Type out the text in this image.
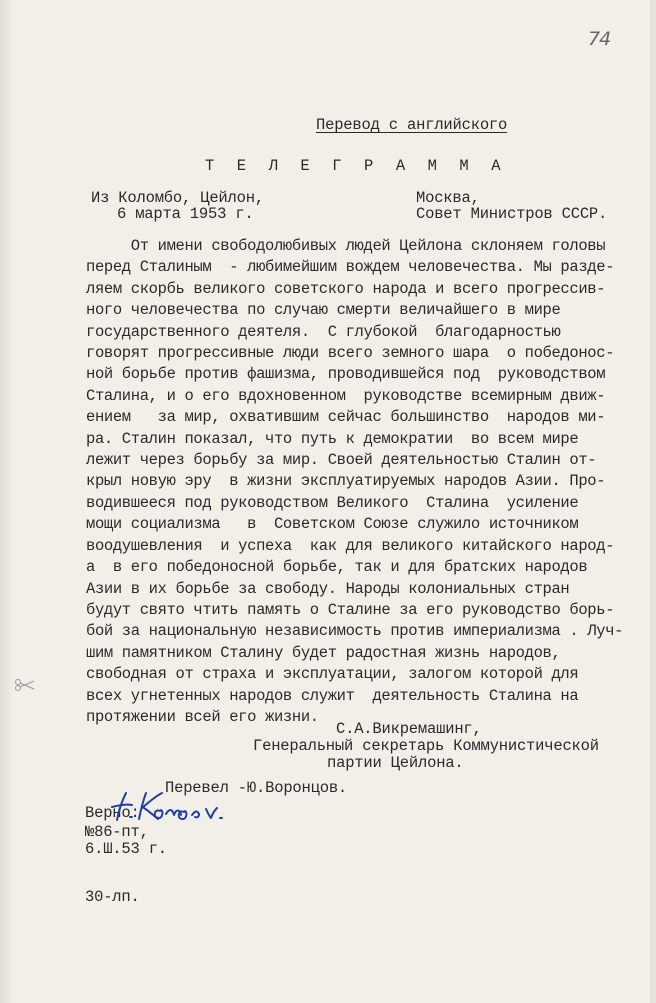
74
Перевод с английского
Т Е Л Е Г Р А М М А
Из Коломбо, Цейлон,
6 марта 1953 г.
Москва,
Совет Министров СССР.
От имени свободолюбивых людей Цейлона склоняем головы
перед Сталиным  - любимейшим вождем человечества. Мы разде-
ляем скорбь великого советского народа и всего прогрессив-
ного человечества по случаю смерти величайшего в мире
государственного деятеля.  С глубокой  благодарностью
говорят прогрессивные люди всего земного шара  о победонос-
ной борьбе против фашизма, проводившейся под  руководством
Сталина, и о его вдохновенном  руководстве всемирным движ-
ением   за мир, охватившим сейчас большинство  народов ми-
ра. Сталин показал, что путь к демократии  во всем мире
лежит через борьбу за мир. Своей деятельностью Сталин от-
крыл новую эру  в жизни эксплуатируемых народов Азии. Про-
водившееся под руководством Великого  Сталина  усиление
мощи социализма   в  Советском Союзе служило источником
воодушевления  и успеха  как для великого китайского народ-
а  в его победоносной борьбе, так и для братских народов
Азии в их борьбе за свободу. Народы колониальных стран
будут свято чтить память о Сталине за его руководство борь-
бой за национальную независимость против империализма . Луч-
шим памятником Сталину будет радостная жизнь народов,
свободная от страха и эксплуатации, залогом которой для
всех угнетенных народов служит  деятельность Сталина на
протяжении всей его жизни.
С.А.Викремашинг,
Генеральный секретарь Коммунистической
партии Цейлона.
Перевел -Ю.Воронцов.
Верно:
№86-пт,
6.Ш.53 г.
30-лп.
